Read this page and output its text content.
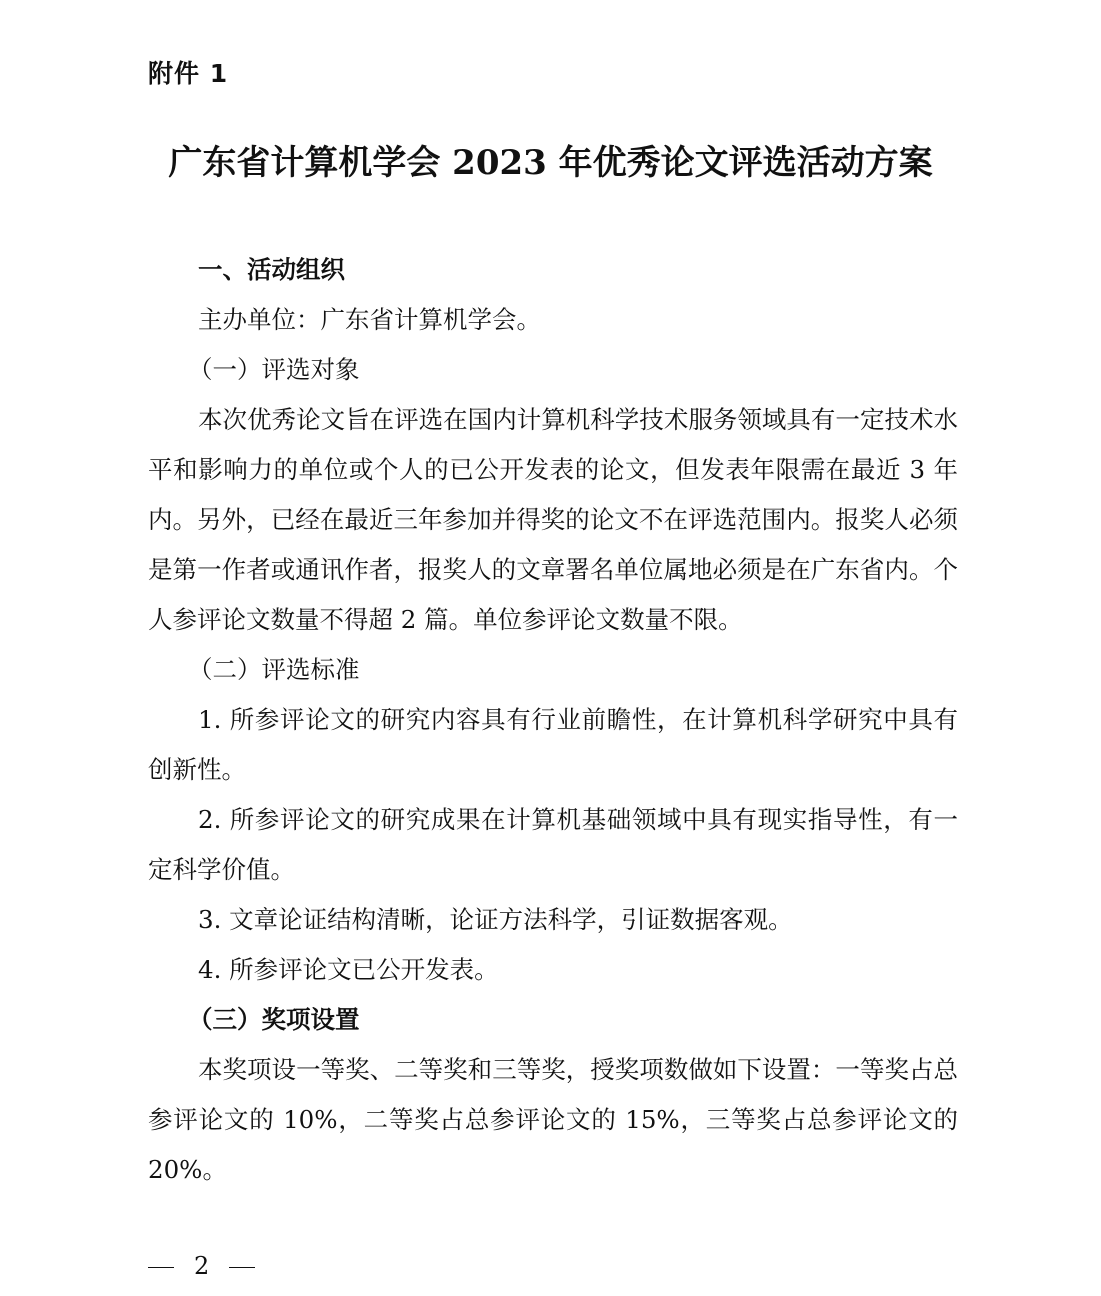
附件 1
广东省计算机学会 2023 年优秀论文评选活动方案

一、活动组织

主办单位：广东省计算机学会。

（一）评选对象

本次优秀论文旨在评选在国内计算机科学技术服务领域具有一定技术水平和影响力的单位或个人的已公开发表的论文，但发表年限需在最近 3 年内。另外，已经在最近三年参加并得奖的论文不在评选范围内。报奖人必须是第一作者或通讯作者，报奖人的文章署名单位属地必须是在广东省内。个人参评论文数量不得超 2 篇。单位参评论文数量不限。

（二）评选标准

1. 所参评论文的研究内容具有行业前瞻性，在计算机科学研究中具有创新性。

2. 所参评论文的研究成果在计算机基础领域中具有现实指导性，有一定科学价值。

3. 文章论证结构清晰，论证方法科学，引证数据客观。

4. 所参评论文已公开发表。

（三）奖项设置

本奖项设一等奖、二等奖和三等奖，授奖项数做如下设置：一等奖占总参评论文的 10%，二等奖占总参评论文的 15%，三等奖占总参评论文的 20%。

2
